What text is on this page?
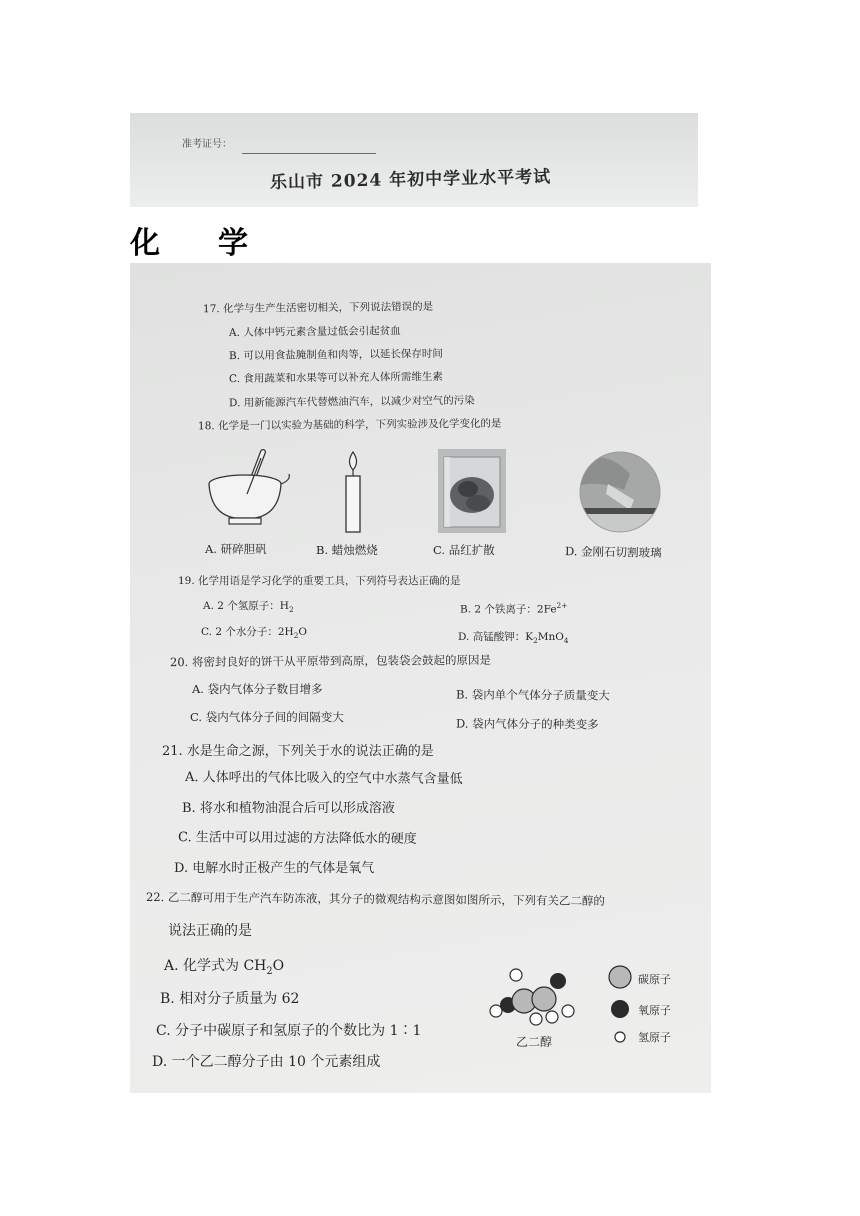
准考证号：
乐山市 2024 年初中学业水平考试
化 学
17. 化学与生产生活密切相关，下列说法错误的是
A. 人体中钙元素含量过低会引起贫血
B. 可以用食盐腌制鱼和肉等，以延长保存时间
C. 食用蔬菜和水果等可以补充人体所需维生素
D. 用新能源汽车代替燃油汽车，以减少对空气的污染
18. 化学是一门以实验为基础的科学，下列实验涉及化学变化的是
A. 研碎胆矾	B. 蜡烛燃烧	C. 品红扩散	D. 金刚石切割玻璃
19. 化学用语是学习化学的重要工具，下列符号表达正确的是
A. 2 个氢原子：$H_2$	B. 2 个铁离子：$2Fe^{2+}$
C. 2 个水分子：$2H_2O$	D. 高锰酸钾：$K_2MnO_4$
20. 将密封良好的饼干从平原带到高原，包装袋会鼓起的原因是
A. 袋内气体分子数目增多	B. 袋内单个气体分子质量变大
C. 袋内气体分子间的间隔变大	D. 袋内气体分子的种类变多
21. 水是生命之源，下列关于水的说法正确的是
A. 人体呼出的气体比吸入的空气中水蒸气含量低
B. 将水和植物油混合后可以形成溶液
C. 生活中可以用过滤的方法降低水的硬度
D. 电解水时正极产生的气体是氧气
22. 乙二醇可用于生产汽车防冻液，其分子的微观结构示意图如图所示，下列有关乙二醇的
说法正确的是
A. 化学式为 $CH_2O$
B. 相对分子质量为 62
C. 分子中碳原子和氢原子的个数比为 1∶1
D. 一个乙二醇分子由 10 个元素组成
乙二醇
碳原子
氧原子
氢原子
